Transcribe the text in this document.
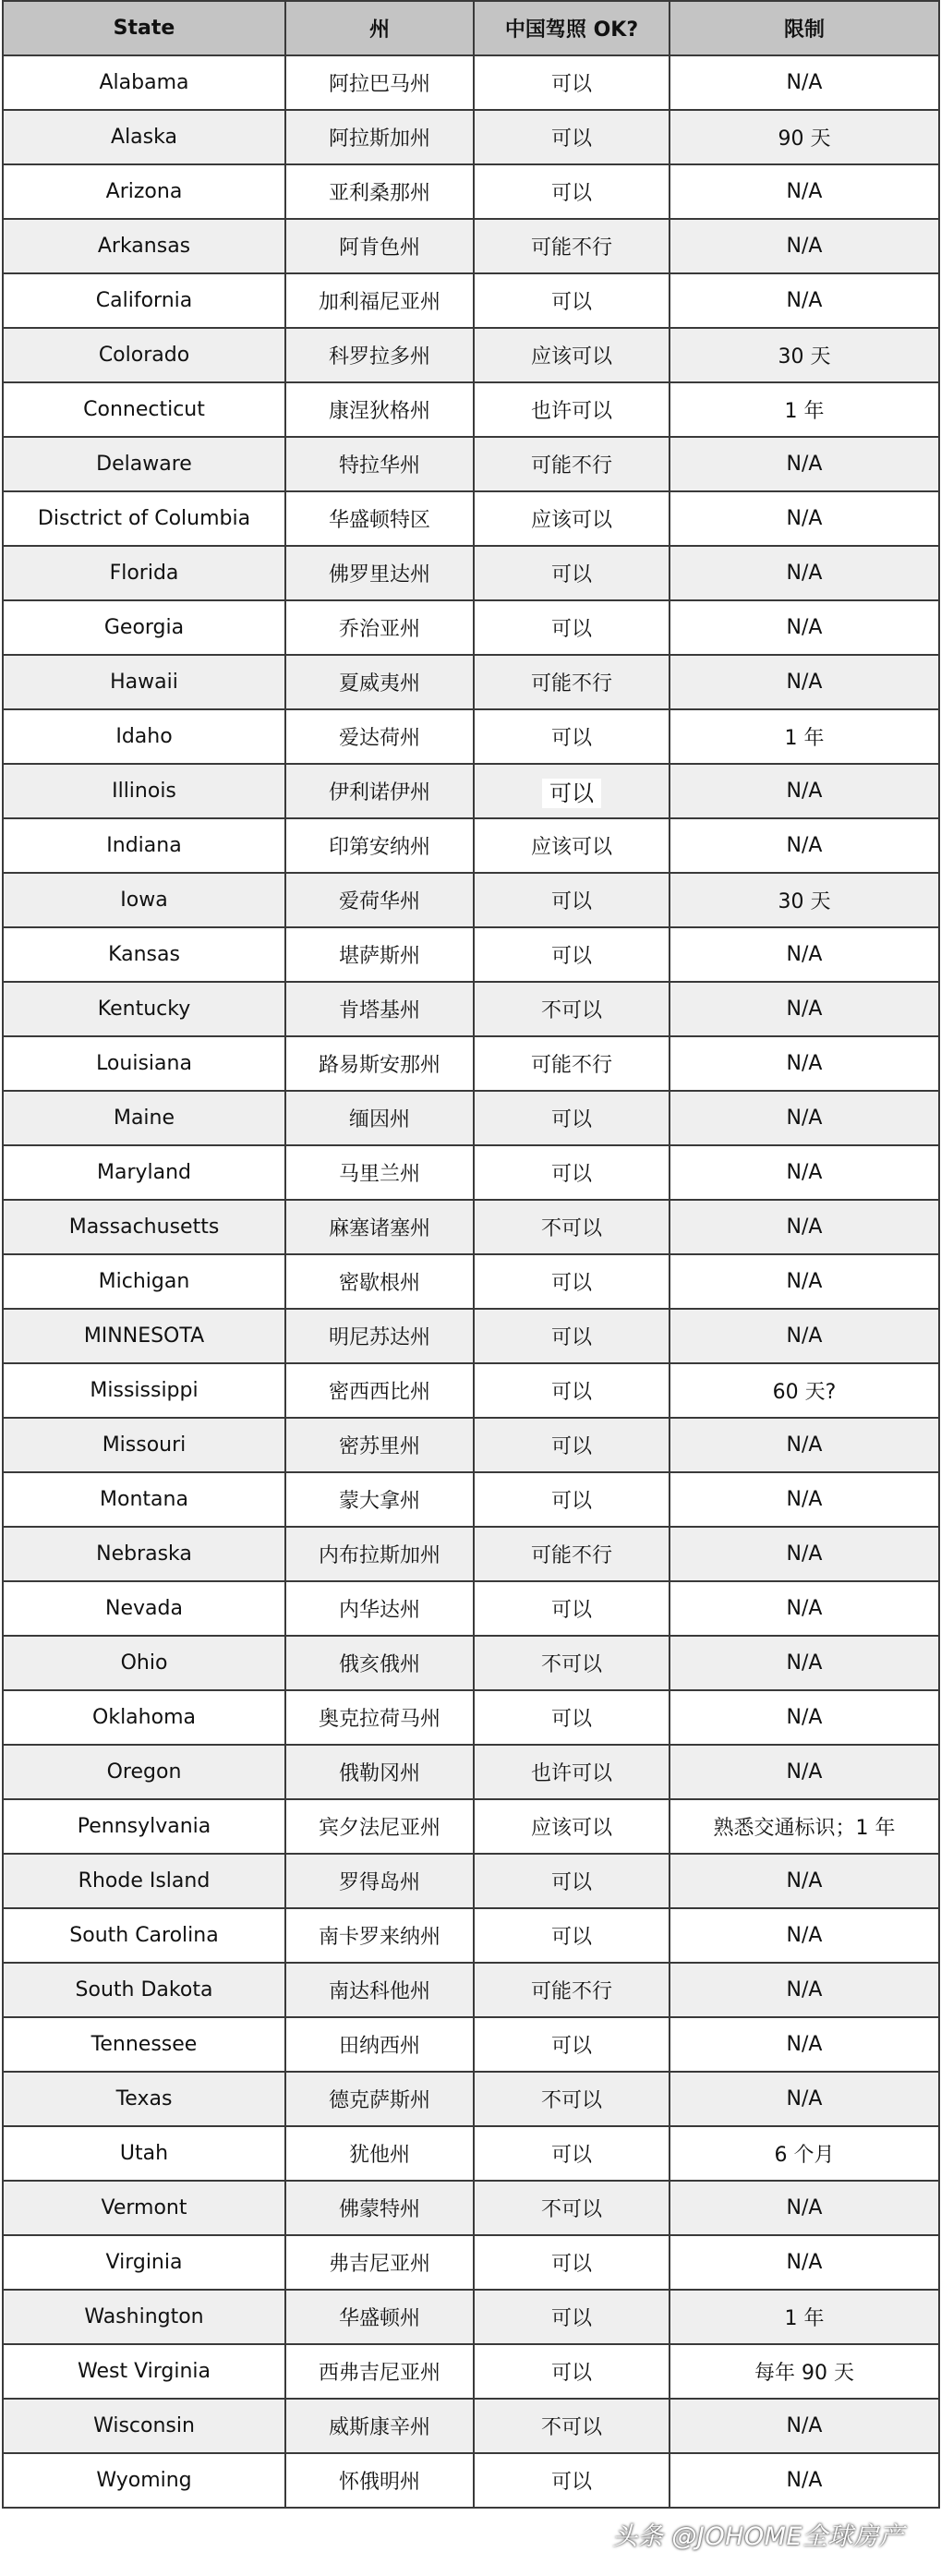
State	州	中国驾照 OK?	限制
Alabama	阿拉巴马州	可以	N/A
Alaska	阿拉斯加州	可以	90 天
Arizona	亚利桑那州	可以	N/A
Arkansas	阿肯色州	可能不行	N/A
California	加利福尼亚州	可以	N/A
Colorado	科罗拉多州	应该可以	30 天
Connecticut	康涅狄格州	也许可以	1 年
Delaware	特拉华州	可能不行	N/A
Disctrict of Columbia	华盛顿特区	应该可以	N/A
Florida	佛罗里达州	可以	N/A
Georgia	乔治亚州	可以	N/A
Hawaii	夏威夷州	可能不行	N/A
Idaho	爱达荷州	可以	1 年
Illinois	伊利诺伊州	可以	N/A
Indiana	印第安纳州	应该可以	N/A
Iowa	爱荷华州	可以	30 天
Kansas	堪萨斯州	可以	N/A
Kentucky	肯塔基州	不可以	N/A
Louisiana	路易斯安那州	可能不行	N/A
Maine	缅因州	可以	N/A
Maryland	马里兰州	可以	N/A
Massachusetts	麻塞诸塞州	不可以	N/A
Michigan	密歇根州	可以	N/A
MINNESOTA	明尼苏达州	可以	N/A
Mississippi	密西西比州	可以	60 天?
Missouri	密苏里州	可以	N/A
Montana	蒙大拿州	可以	N/A
Nebraska	内布拉斯加州	可能不行	N/A
Nevada	内华达州	可以	N/A
Ohio	俄亥俄州	不可以	N/A
Oklahoma	奥克拉荷马州	可以	N/A
Oregon	俄勒冈州	也许可以	N/A
Pennsylvania	宾夕法尼亚州	应该可以	熟悉交通标识；1 年
Rhode Island	罗得岛州	可以	N/A
South Carolina	南卡罗来纳州	可以	N/A
South Dakota	南达科他州	可能不行	N/A
Tennessee	田纳西州	可以	N/A
Texas	德克萨斯州	不可以	N/A
Utah	犹他州	可以	6 个月
Vermont	佛蒙特州	不可以	N/A
Virginia	弗吉尼亚州	可以	N/A
Washington	华盛顿州	可以	1 年
West Virginia	西弗吉尼亚州	可以	每年 90 天
Wisconsin	威斯康辛州	不可以	N/A
Wyoming	怀俄明州	可以	N/A
头条 @JOHOME全球房产
